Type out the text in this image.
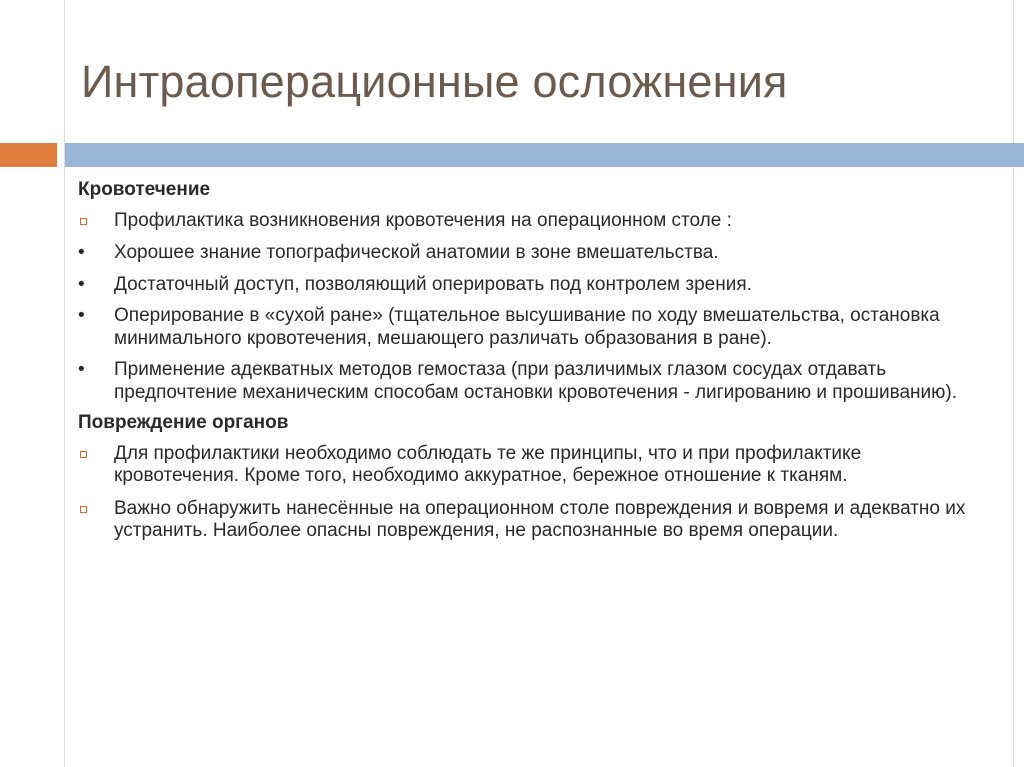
Интраоперационные осложнения
Кровотечение
Профилактика возникновения кровотечения на операционном столе :
•	Хорошее знание топографической анатомии в зоне вмешательства.
•	Достаточный доступ, позволяющий оперировать под контролем зрения.
•	Оперирование в «сухой ране» (тщательное высушивание по ходу вмешательства, остановка минимального кровотечения, мешающего различать образования в ране).
•	Применение адекватных методов гемостаза (при различимых глазом сосудах отдавать предпочтение механическим способам остановки кровотечения - лигированию и прошиванию).
Повреждение органов
Для профилактики необходимо соблюдать те же принципы, что и при профилактике кровотечения. Кроме того, необходимо аккуратное, бережное отношение к тканям.
Важно обнаружить нанесённые на операционном столе повреждения и вовремя и адекватно их устранить. Наиболее опасны повреждения, не распознанные во время операции.
